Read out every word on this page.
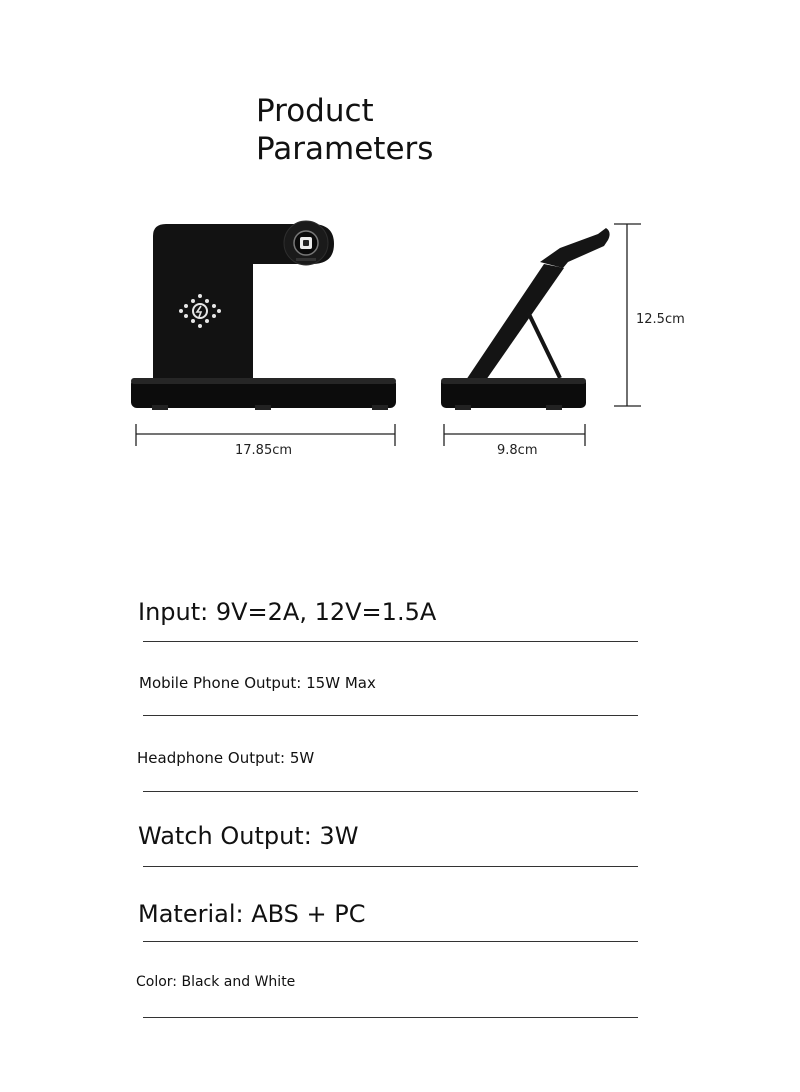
Product
Parameters
17.85cm	9.8cm
12.5cm
Input: 9V=2A, 12V=1.5A
Mobile Phone Output: 15W Max
Headphone Output: 5W
Watch Output: 3W
Material: ABS + PC
Color: Black and White
